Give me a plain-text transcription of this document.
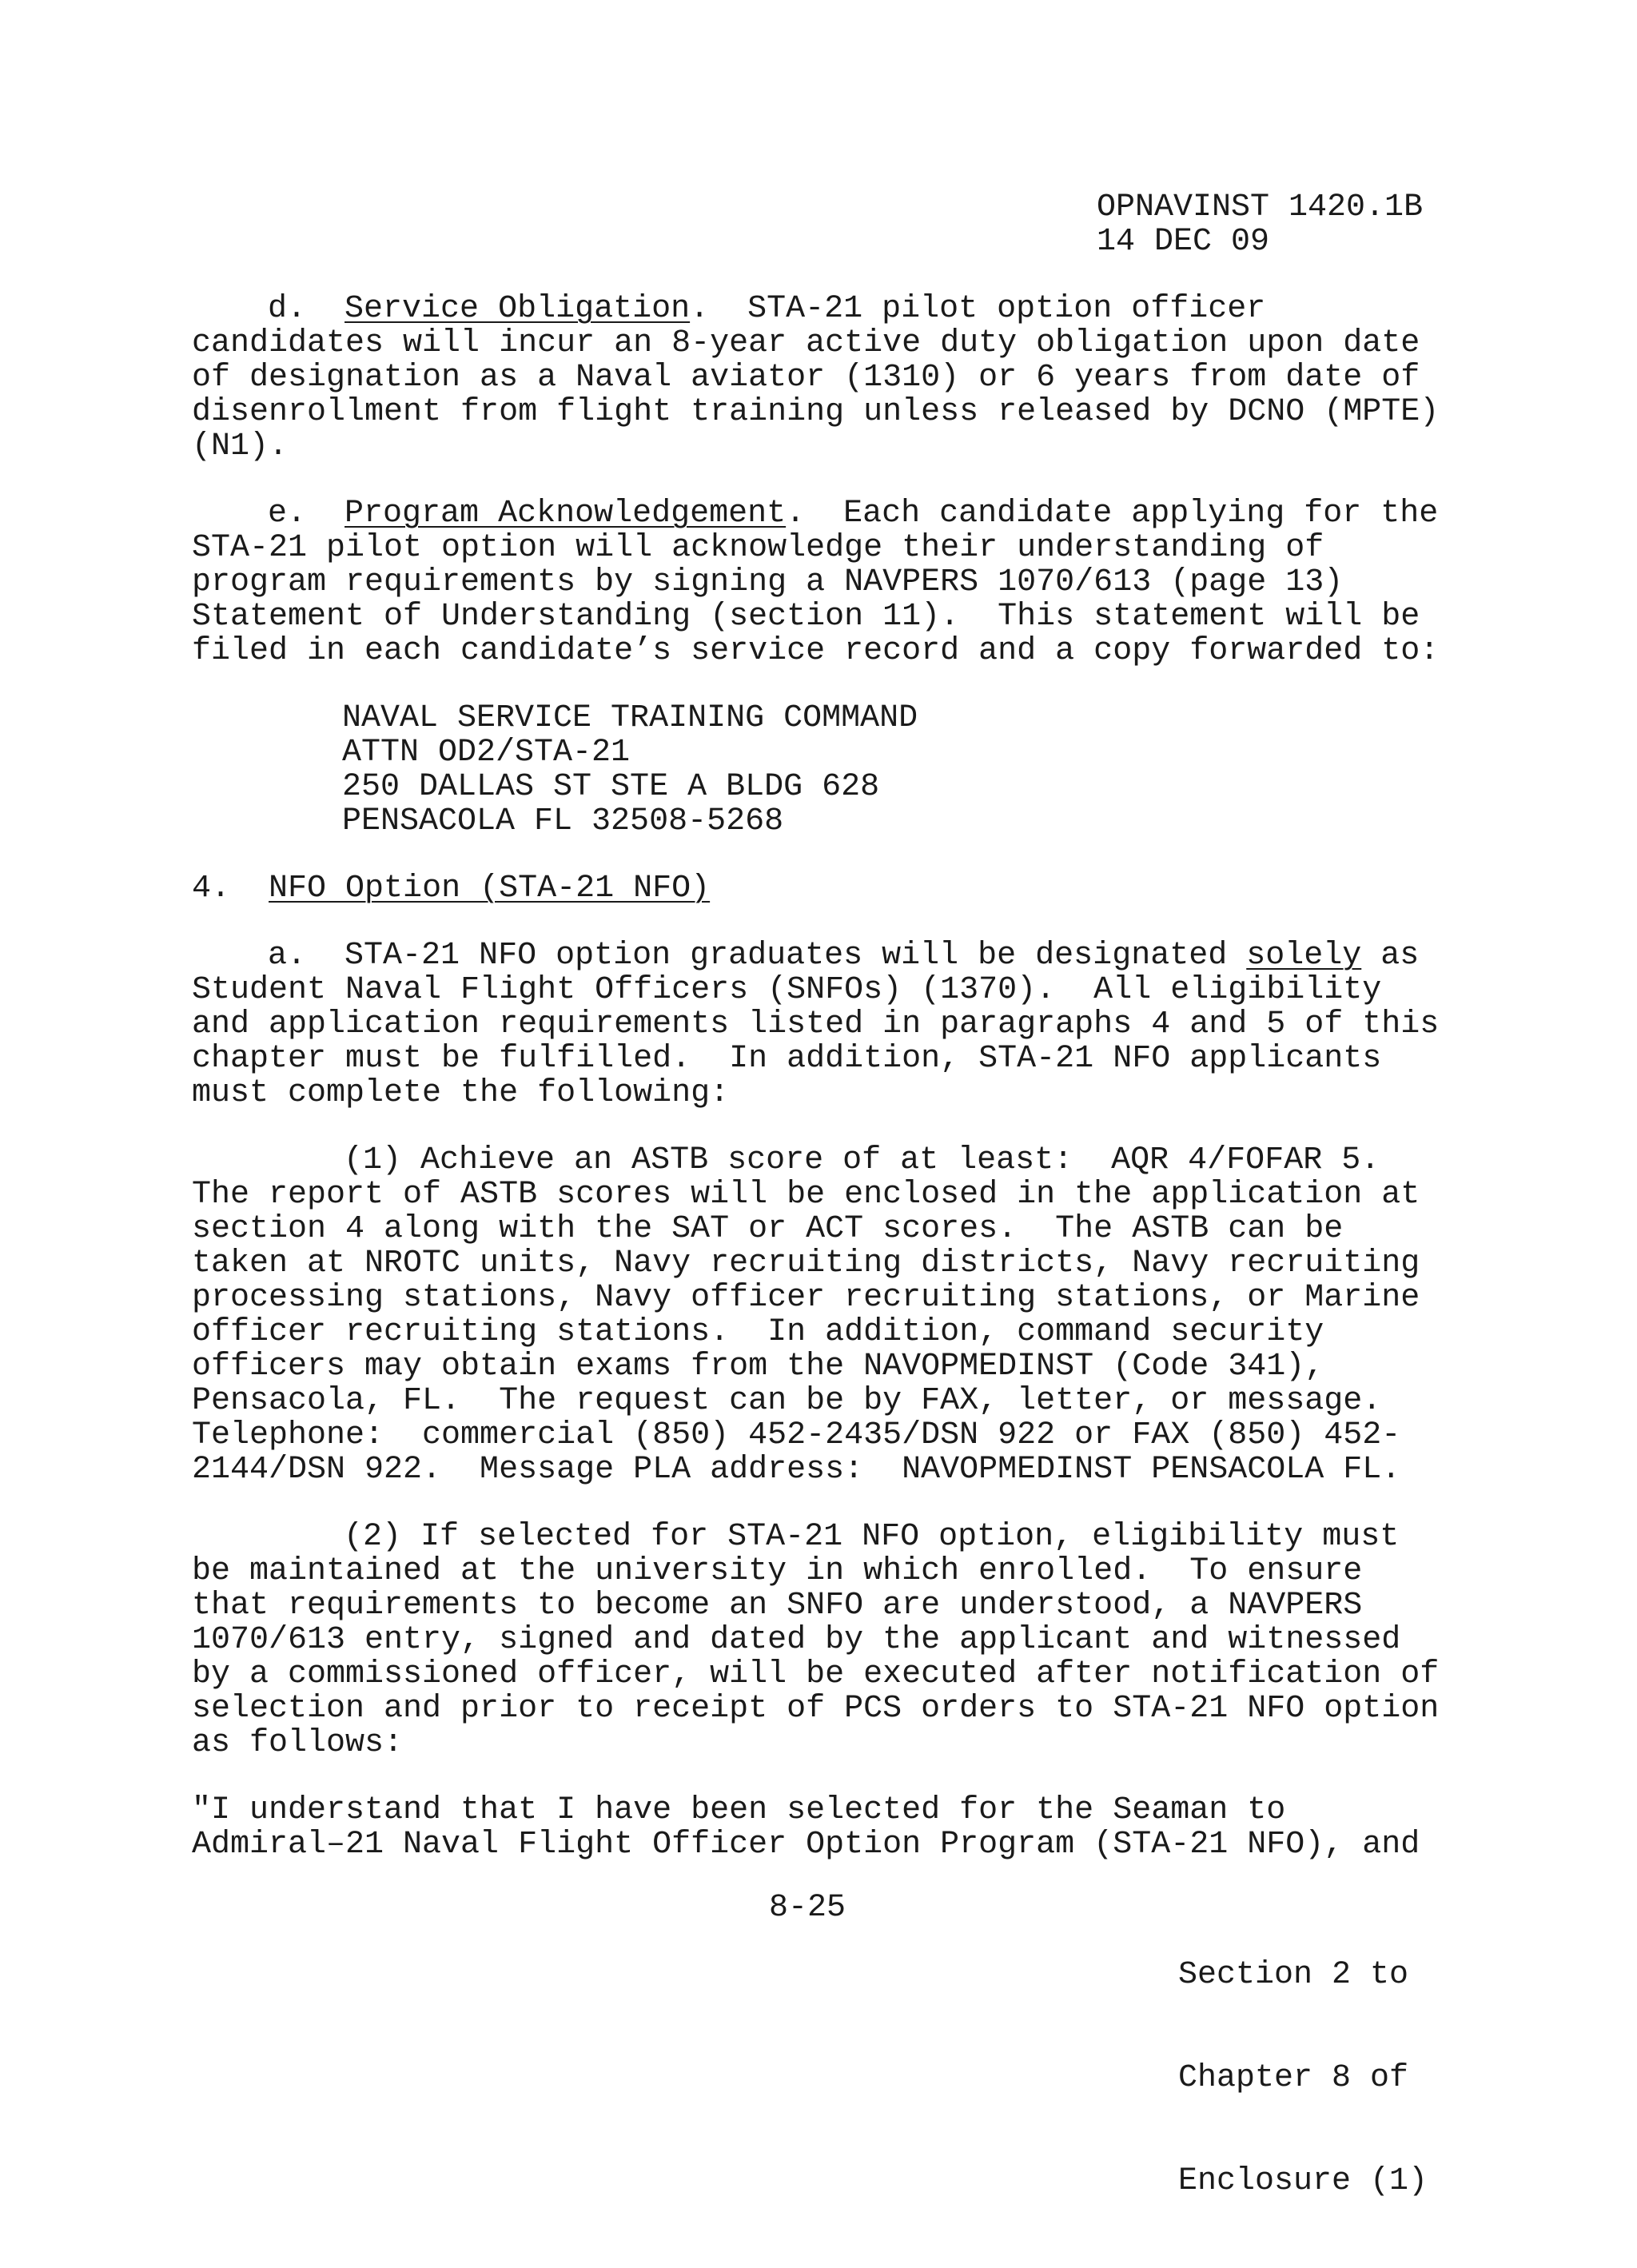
OPNAVINST 1420.1B
14 DEC 09
d. Service Obligation.  STA-21 pilot option officer
candidates will incur an 8-year active duty obligation upon date
of designation as a Naval aviator (1310) or 6 years from date of
disenrollment from flight training unless released by DCNO (MPTE)
(N1).
e. Program Acknowledgement.  Each candidate applying for the
STA-21 pilot option will acknowledge their understanding of
program requirements by signing a NAVPERS 1070/613 (page 13)
Statement of Understanding (section 11).  This statement will be
filed in each candidate’s service record and a copy forwarded to:
NAVAL SERVICE TRAINING COMMAND
ATTN OD2/STA-21
250 DALLAS ST STE A BLDG 628
PENSACOLA FL 32508-5268
4. NFO Option (STA-21 NFO)
a. STA-21 NFO option graduates will be designated solely as
Student Naval Flight Officers (SNFOs) (1370).  All eligibility
and application requirements listed in paragraphs 4 and 5 of this
chapter must be fulfilled.  In addition, STA-21 NFO applicants
must complete the following:
(1) Achieve an ASTB score of at least:  AQR 4/FOFAR 5.
The report of ASTB scores will be enclosed in the application at
section 4 along with the SAT or ACT scores.  The ASTB can be
taken at NROTC units, Navy recruiting districts, Navy recruiting
processing stations, Navy officer recruiting stations, or Marine
officer recruiting stations.  In addition, command security
officers may obtain exams from the NAVOPMEDINST (Code 341),
Pensacola, FL.  The request can be by FAX, letter, or message.
Telephone:  commercial (850) 452-2435/DSN 922 or FAX (850) 452-
2144/DSN 922.  Message PLA address:  NAVOPMEDINST PENSACOLA FL.
(2) If selected for STA-21 NFO option, eligibility must
be maintained at the university in which enrolled.  To ensure
that requirements to become an SNFO are understood, a NAVPERS
1070/613 entry, signed and dated by the applicant and witnessed
by a commissioned officer, will be executed after notification of
selection and prior to receipt of PCS orders to STA-21 NFO option
as follows:
"I understand that I have been selected for the Seaman to
Admiral–21 Naval Flight Officer Option Program (STA-21 NFO), and
8-25

Section 2 to

Chapter 8 of

Enclosure (1)
